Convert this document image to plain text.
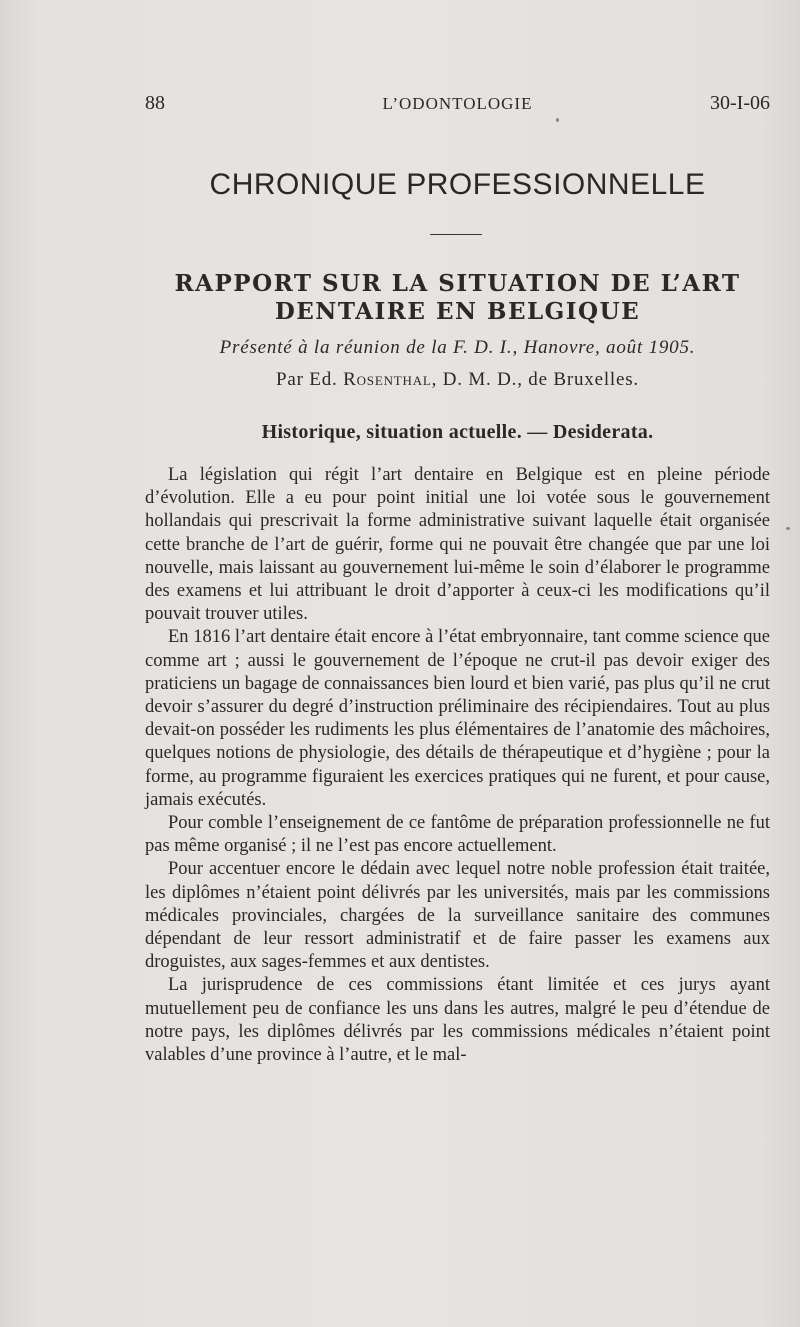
88	L’ODONTOLOGIE	30-I-06
CHRONIQUE PROFESSIONNELLE
RAPPORT SUR LA SITUATION DE L’ART
DENTAIRE EN BELGIQUE
Présenté à la réunion de la F. D. I., Hanovre, août 1905.
Par Ed. Rosenthal, D. M. D., de Bruxelles.
Historique, situation actuelle. — Desiderata.

La législation qui régit l’art dentaire en Belgique est en pleine période d’évolution. Elle a eu pour point initial une loi votée sous le gouvernement hollandais qui prescrivait la forme administrative suivant laquelle était organisée cette branche de l’art de guérir, forme qui ne pouvait être changée que par une loi nouvelle, mais laissant au gouvernement lui-même le soin d’élaborer le programme des examens et lui attribuant le droit d’apporter à ceux-ci les modifications qu’il pouvait trouver utiles.

En 1816 l’art dentaire était encore à l’état embryonnaire, tant comme science que comme art ; aussi le gouvernement de l’époque ne crut-il pas devoir exiger des praticiens un bagage de connaissances bien lourd et bien varié, pas plus qu’il ne crut devoir s’assurer du degré d’instruction préliminaire des récipiendaires. Tout au plus devait-on posséder les rudiments les plus élémentaires de l’anatomie des mâchoires, quelques notions de physiologie, des détails de thérapeutique et d’hygiène ; pour la forme, au programme figuraient les exercices pratiques qui ne furent, et pour cause, jamais exécutés.

Pour comble l’enseignement de ce fantôme de préparation professionnelle ne fut pas même organisé ; il ne l’est pas encore actuellement.

Pour accentuer encore le dédain avec lequel notre noble profession était traitée, les diplômes n’étaient point délivrés par les universités, mais par les commissions médicales provinciales, chargées de la surveillance sanitaire des communes dépendant de leur ressort administratif et de faire passer les examens aux droguistes, aux sages-femmes et aux dentistes.

La jurisprudence de ces commissions étant limitée et ces jurys ayant mutuellement peu de confiance les uns dans les autres, malgré le peu d’étendue de notre pays, les diplômes délivrés par les commissions médicales n’étaient point valables d’une province à l’autre, et le mal-
